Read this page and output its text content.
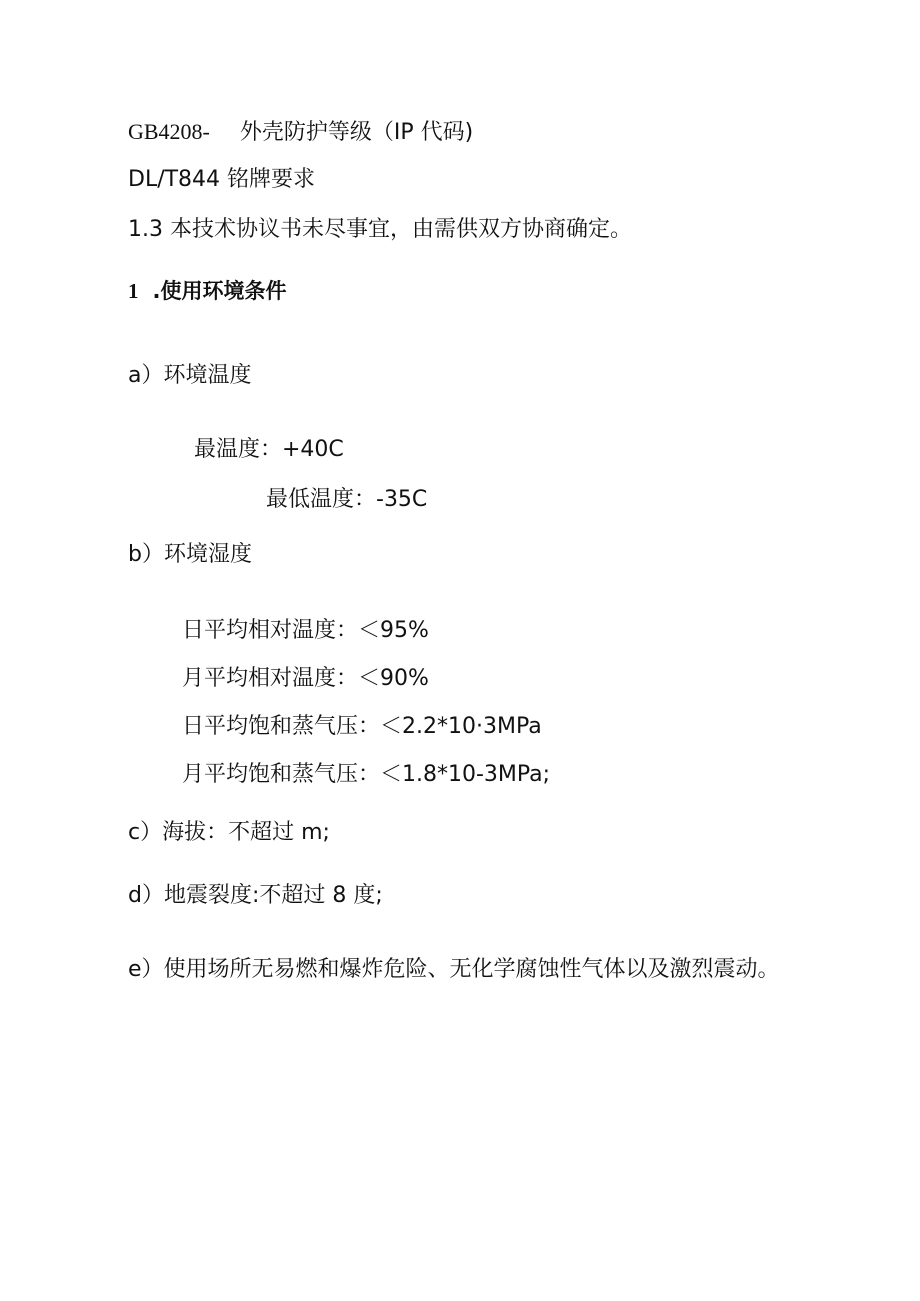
GB4208- 外壳防护等级（IP 代码)
DL/T844 铭牌要求
1.3 本技术协议书未尽事宜，由需供双方协商确定。
1 .使用环境条件
a）环境温度
最温度：+40C
最低温度：-35C
b）环境湿度
日平均相对温度：＜95%
月平均相对温度：＜90%
日平均饱和蒸气压：＜2.2*10·3MPa
月平均饱和蒸气压：＜1.8*10-3MPa;
c）海拔：不超过 m;
d）地震裂度:不超过 8 度;
e）使用场所无易燃和爆炸危险、无化学腐蚀性气体以及激烈震动。
